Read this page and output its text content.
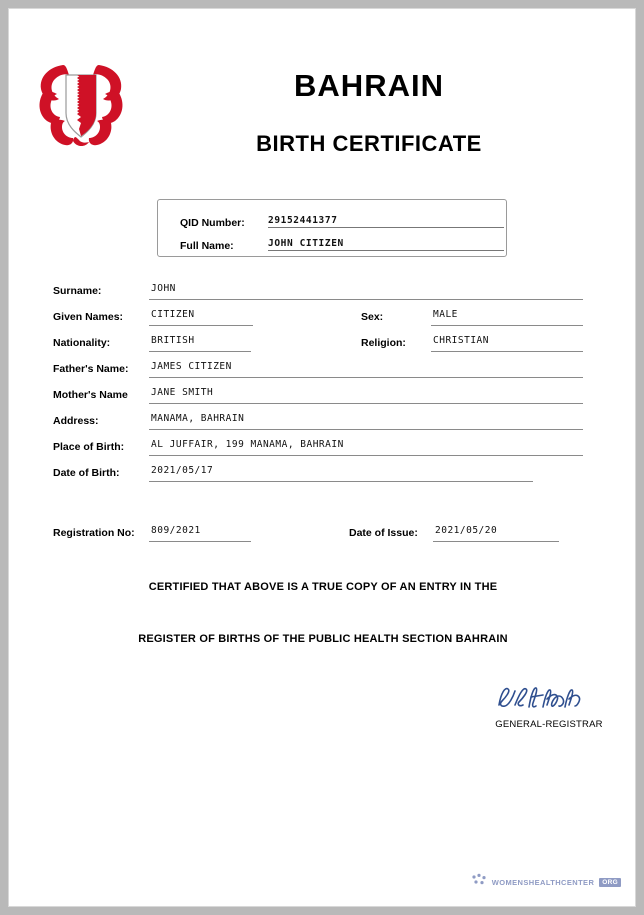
BAHRAIN
BIRTH CERTIFICATE
QID Number: 29152441377
Full Name:	JOHN CITIZEN
Surname:	JOHN
Given Names:	CITIZEN	Sex:	MALE
Nationality:	BRITISH	Religion:	CHRISTIAN
Father's Name: JAMES CITIZEN
Mother's Name JANE SMITH
Address:	MANAMA, BAHRAIN
Place of Birth:	AL JUFFAIR, 199 MANAMA, BAHRAIN
Date of Birth:	2021/05/17
Registration No: 809/2021	Date of Issue: 2021/05/20
CERTIFIED THAT ABOVE IS A TRUE COPY OF AN ENTRY IN THE
REGISTER OF BIRTHS OF THE PUBLIC HEALTH SECTION BAHRAIN
GENERAL-REGISTRAR
WOMENSHEALTHCENTER	ORG
